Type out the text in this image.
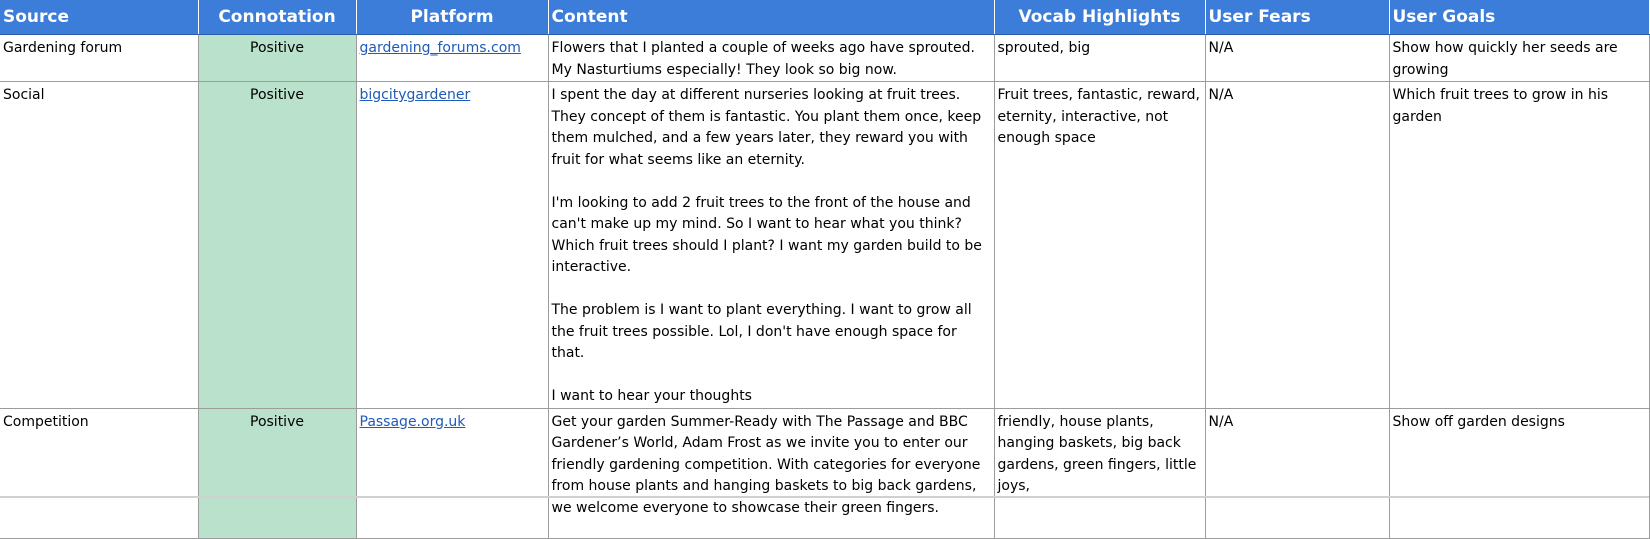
Source	Connotation	Platform	Content	Vocab Highlights	User Fears	User Goals
Gardening forum	Positive	gardening_forums.com	Flowers that I planted a couple of weeks ago have sprouted. My Nasturtiums especially! They look so big now.	sprouted, big	N/A	Show how quickly her seeds are growing
Social	Positive	bigcitygardener	I spent the day at different nurseries looking at fruit trees. They concept of them is fantastic. You plant them once, keep them mulched, and a few years later, they reward you with fruit for what seems like an eternity.

I'm looking to add 2 fruit trees to the front of the house and can't make up my mind. So I want to hear what you think? Which fruit trees should I plant? I want my garden build to be interactive.

The problem is I want to plant everything. I want to grow all the fruit trees possible. Lol, I don't have enough space for that.

I want to hear your thoughts	Fruit trees, fantastic, reward, eternity, interactive, not enough space	N/A	Which fruit trees to grow in his garden
Competition	Positive	Passage.org.uk	Get your garden Summer-Ready with The Passage and BBC Gardener’s World, Adam Frost as we invite you to enter our friendly gardening competition. With categories for everyone from house plants and hanging baskets to big back gardens, we welcome everyone to showcase their green fingers.	friendly, house plants, hanging baskets, big back gardens, green fingers, little joys,	N/A	Show off garden designs
